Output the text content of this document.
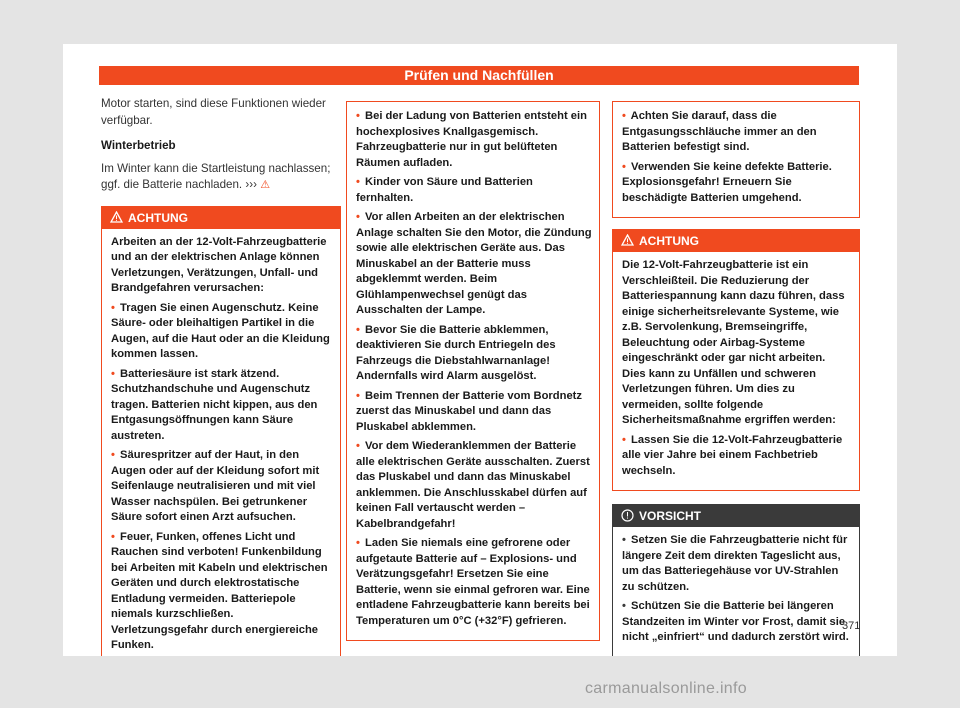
Prüfen und Nachfüllen

Motor starten, sind diese Funktionen wieder verfügbar.

Winterbetrieb

Im Winter kann die Startleistung nachlassen; ggf. die Batterie nachladen. ››› ⚠

ACHTUNG

Arbeiten an der 12-Volt-Fahrzeugbatterie und an der elektrischen Anlage können Verletzungen, Verätzungen, Unfall- und Brandgefahren verursachen:

• Tragen Sie einen Augenschutz. Keine Säure- oder bleihaltigen Partikel in die Augen, auf die Haut oder an die Kleidung kommen lassen.

• Batteriesäure ist stark ätzend. Schutzhandschuhe und Augenschutz tragen. Batterien nicht kippen, aus den Entgasungsöffnungen kann Säure austreten.

• Säurespritzer auf der Haut, in den Augen oder auf der Kleidung sofort mit Seifenlauge neutralisieren und mit viel Wasser nachspülen. Bei getrunkener Säure sofort einen Arzt aufsuchen.

• Feuer, Funken, offenes Licht und Rauchen sind verboten! Funkenbildung bei Arbeiten mit Kabeln und elektrischen Geräten und durch elektrostatische Entladung vermeiden. Batteriepole niemals kurzschließen. Verletzungsgefahr durch energiereiche Funken.

• Bei der Ladung von Batterien entsteht ein hochexplosives Knallgasgemisch. Fahrzeugbatterie nur in gut belüfteten Räumen aufladen.

• Kinder von Säure und Batterien fernhalten.

• Vor allen Arbeiten an der elektrischen Anlage schalten Sie den Motor, die Zündung sowie alle elektrischen Geräte aus. Das Minuskabel an der Batterie muss abgeklemmt werden. Beim Glühlampenwechsel genügt das Ausschalten der Lampe.

• Bevor Sie die Batterie abklemmen, deaktivieren Sie durch Entriegeln des Fahrzeugs die Diebstahlwarnanlage! Andernfalls wird Alarm ausgelöst.

• Beim Trennen der Batterie vom Bordnetz zuerst das Minuskabel und dann das Pluskabel abklemmen.

• Vor dem Wiederanklemmen der Batterie alle elektrischen Geräte ausschalten. Zuerst das Pluskabel und dann das Minuskabel anklemmen. Die Anschlusskabel dürfen auf keinen Fall vertauscht werden – Kabelbrandgefahr!

• Laden Sie niemals eine gefrorene oder aufgetaute Batterie auf – Explosions- und Verätzungsgefahr! Ersetzen Sie eine Batterie, wenn sie einmal gefroren war. Eine entladene Fahrzeugbatterie kann bereits bei Temperaturen um 0°C (+32°F) gefrieren.

• Achten Sie darauf, dass die Entgasungsschläuche immer an den Batterien befestigt sind.

• Verwenden Sie keine defekte Batterie. Explosionsgefahr! Erneuern Sie beschädigte Batterien umgehend.

ACHTUNG

Die 12-Volt-Fahrzeugbatterie ist ein Verschleißteil. Die Reduzierung der Batteriespannung kann dazu führen, dass einige sicherheitsrelevante Systeme, wie z.B. Servolenkung, Bremseingriffe, Beleuchtung oder Airbag-Systeme eingeschränkt oder gar nicht arbeiten. Dies kann zu Unfällen und schweren Verletzungen führen. Um dies zu vermeiden, sollte folgende Sicherheitsmaßnahme ergriffen werden:

• Lassen Sie die 12-Volt-Fahrzeugbatterie alle vier Jahre bei einem Fachbetrieb wechseln.

VORSICHT

• Setzen Sie die Fahrzeugbatterie nicht für längere Zeit dem direkten Tageslicht aus, um das Batteriegehäuse vor UV-Strahlen zu schützen.

• Schützen Sie die Batterie bei längeren Standzeiten im Winter vor Frost, damit sie nicht „einfriert“ und dadurch zerstört wird.

371
carmanualsonline.info
